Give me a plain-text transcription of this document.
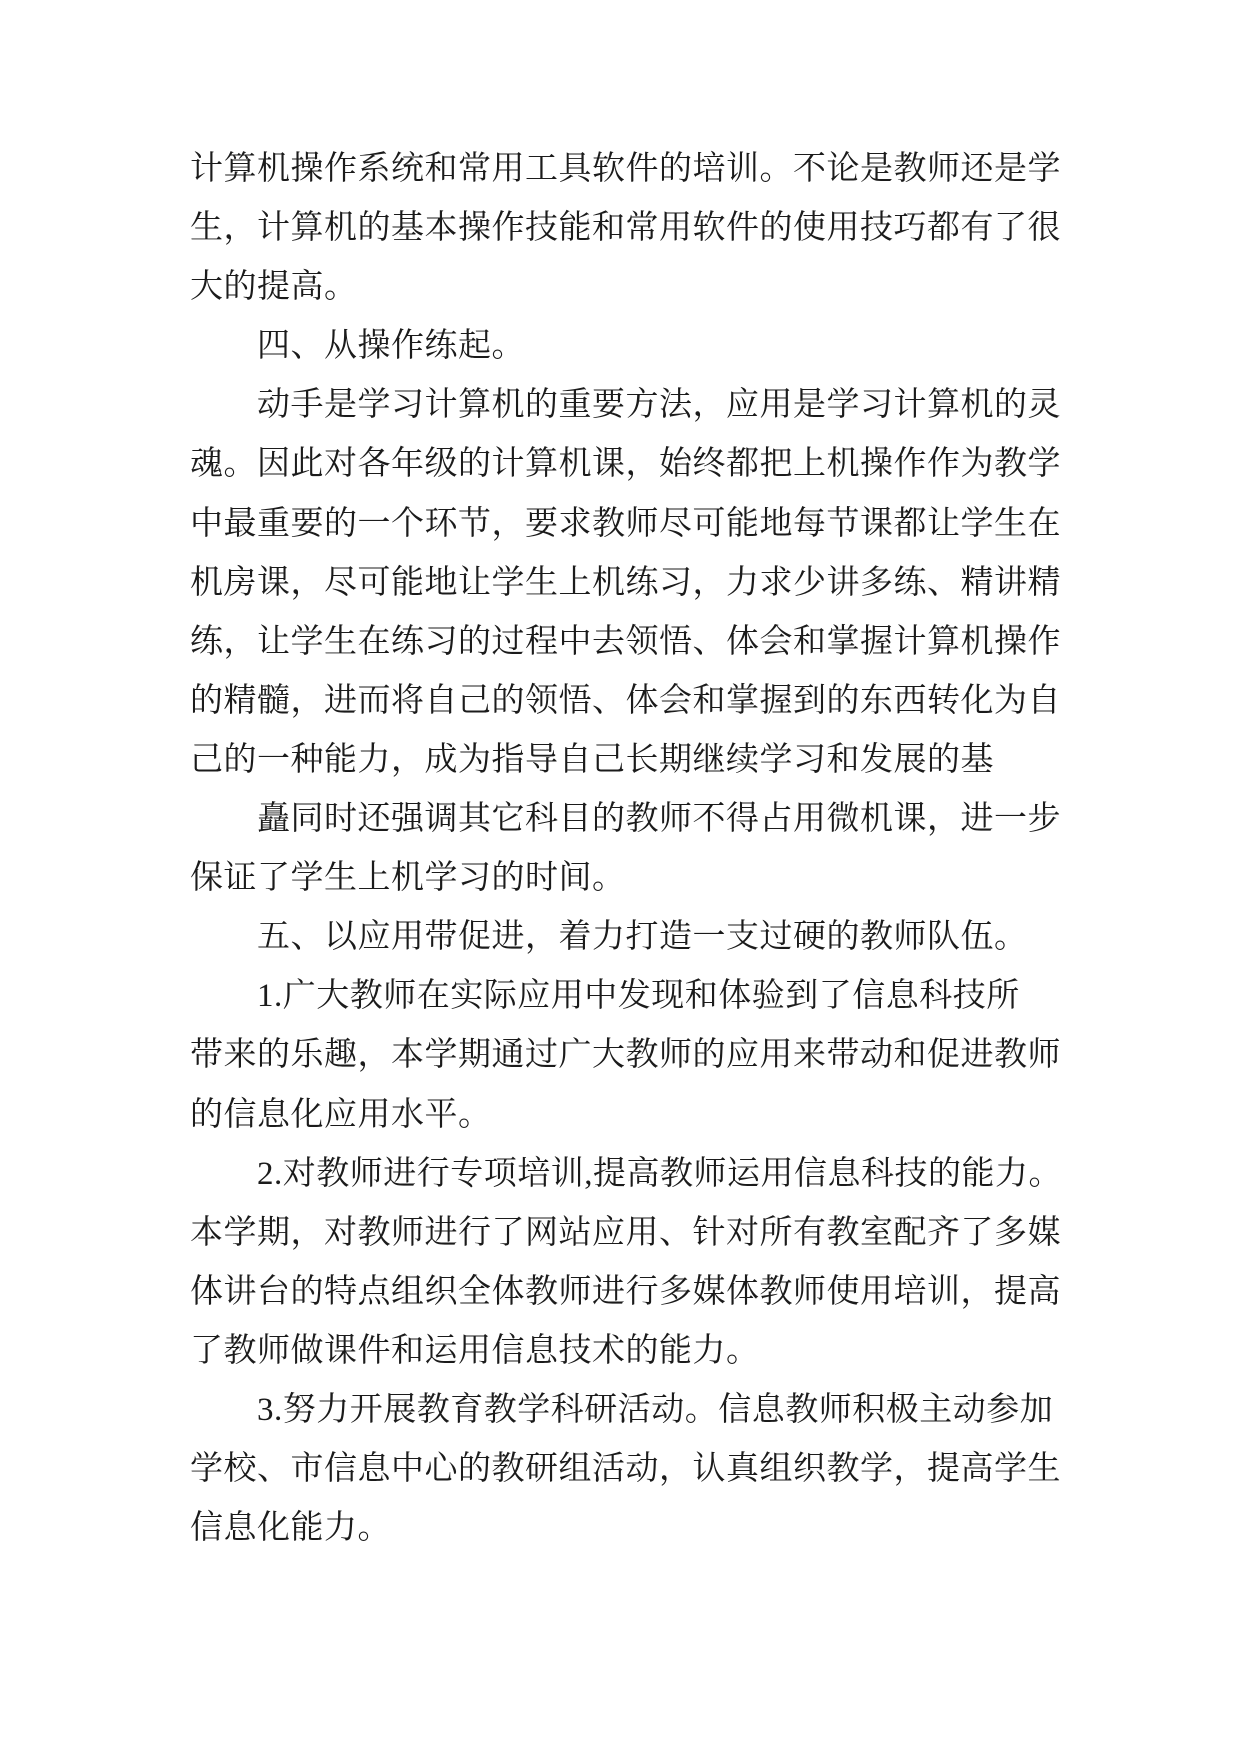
计算机操作系统和常用工具软件的培训。不论是教师还是学
生，计算机的基本操作技能和常用软件的使用技巧都有了很
大的提高。
四、从操作练起。
动手是学习计算机的重要方法，应用是学习计算机的灵
魂。因此对各年级的计算机课，始终都把上机操作作为教学
中最重要的一个环节，要求教师尽可能地每节课都让学生在
机房课，尽可能地让学生上机练习，力求少讲多练、精讲精
练，让学生在练习的过程中去领悟、体会和掌握计算机操作
的精髓，进而将自己的领悟、体会和掌握到的东西转化为自
己的一种能力，成为指导自己长期继续学习和发展的基
矗同时还强调其它科目的教师不得占用微机课，进一步
保证了学生上机学习的时间。
五、以应用带促进，着力打造一支过硬的教师队伍。
1.广大教师在实际应用中发现和体验到了信息科技所
带来的乐趣，本学期通过广大教师的应用来带动和促进教师
的信息化应用水平。
2.对教师进行专项培训,提高教师运用信息科技的能力。
本学期，对教师进行了网站应用、针对所有教室配齐了多媒
体讲台的特点组织全体教师进行多媒体教师使用培训，提高
了教师做课件和运用信息技术的能力。
3.努力开展教育教学科研活动。信息教师积极主动参加
学校、市信息中心的教研组活动，认真组织教学，提高学生
信息化能力。
